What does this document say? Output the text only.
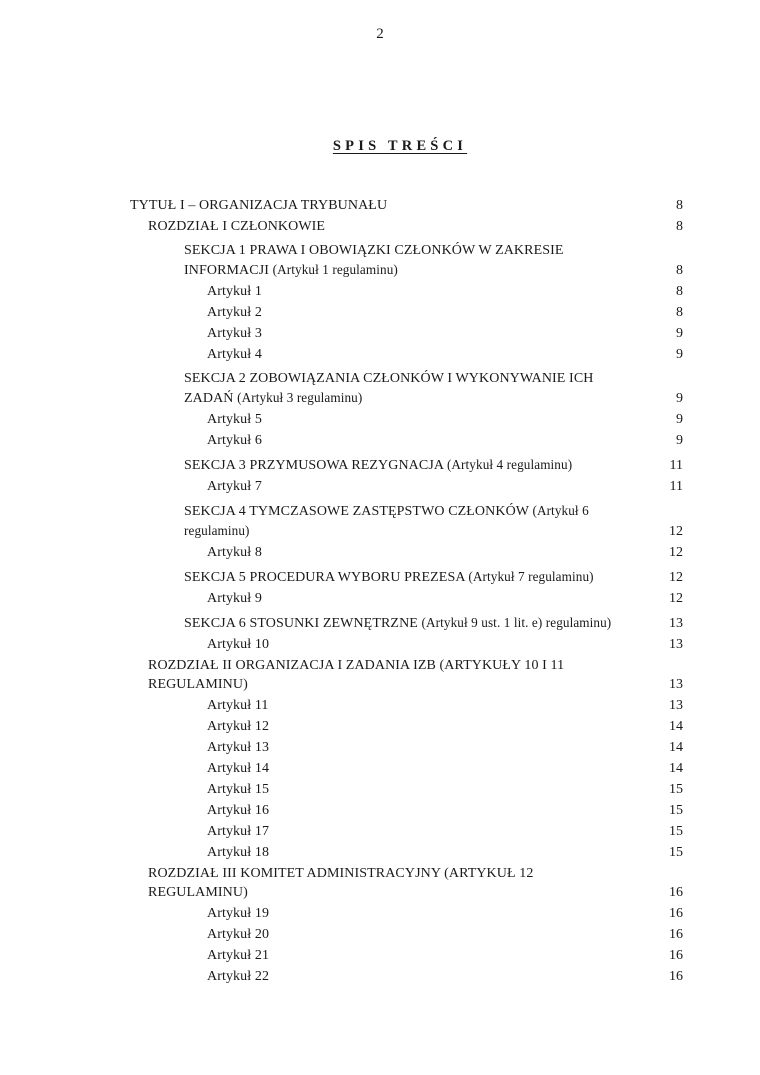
2
SPIS TREŚCI
TYTUŁ I – ORGANIZACJA TRYBUNAŁU	8
ROZDZIAŁ I CZŁONKOWIE	8
SEKCJA 1 PRAWA I OBOWIĄZKI CZŁONKÓW W ZAKRESIE INFORMACJI (Artykuł 1 regulaminu)	8
Artykuł 1	8
Artykuł 2	8
Artykuł 3	9
Artykuł 4	9
SEKCJA 2 ZOBOWIĄZANIA CZŁONKÓW I WYKONYWANIE ICH ZADAŃ (Artykuł 3 regulaminu)	9
Artykuł 5	9
Artykuł 6	9
SEKCJA 3 PRZYMUSOWA REZYGNACJA (Artykuł 4 regulaminu)	11
Artykuł 7	11
SEKCJA 4 TYMCZASOWE ZASTĘPSTWO CZŁONKÓW (Artykuł 6 regulaminu)	12
Artykuł 8	12
SEKCJA 5 PROCEDURA WYBORU PREZESA (Artykuł 7 regulaminu)	12
Artykuł 9	12
SEKCJA 6 STOSUNKI ZEWNĘTRZNE (Artykuł 9 ust. 1 lit. e) regulaminu)	13
Artykuł 10	13
ROZDZIAŁ II ORGANIZACJA I ZADANIA IZB (ARTYKUŁY 10 I 11 REGULAMINU)	13
Artykuł 11	13
Artykuł 12	14
Artykuł 13	14
Artykuł 14	14
Artykuł 15	15
Artykuł 16	15
Artykuł 17	15
Artykuł 18	15
ROZDZIAŁ III KOMITET ADMINISTRACYJNY (ARTYKUŁ 12 REGULAMINU)	16
Artykuł 19	16
Artykuł 20	16
Artykuł 21	16
Artykuł 22	16
